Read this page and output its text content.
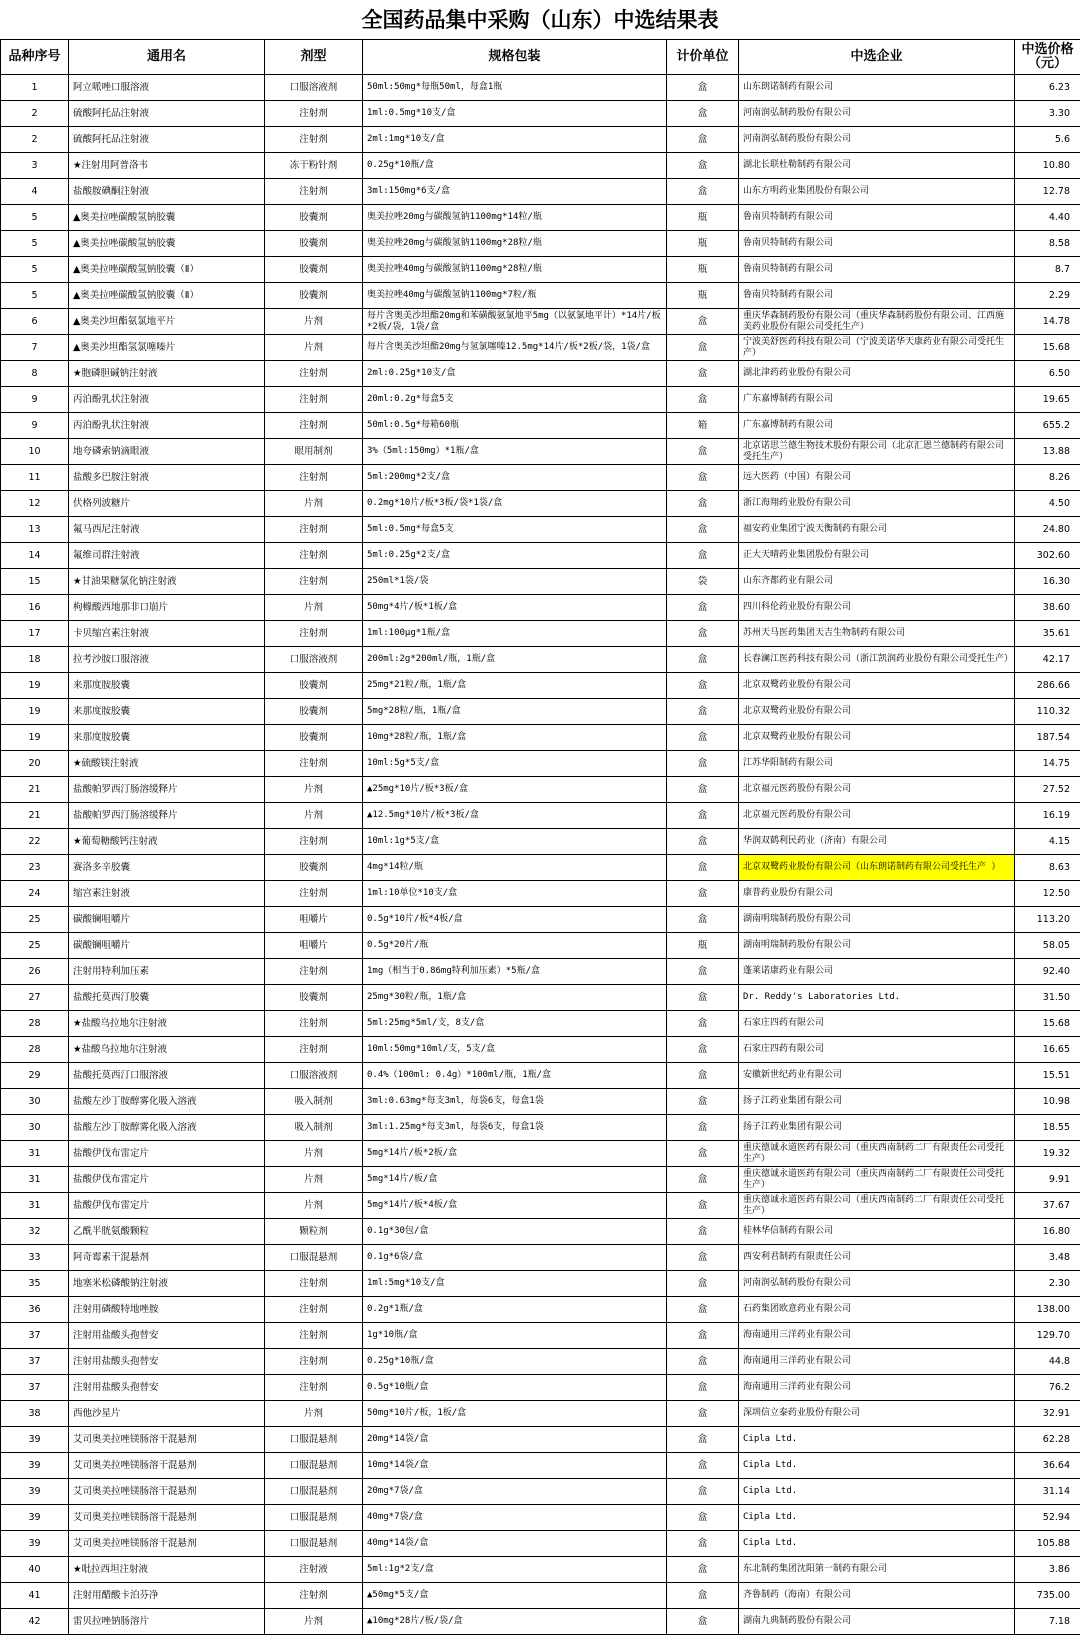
全国药品集中采购（山东）中选结果表
品种序号	通用名	剂型	规格包装	计价单位	中选企业	中选价格
（元）
1	阿立哌唑口服溶液	口服溶液剂	50ml:50mg*每瓶50ml，每盒1瓶	盒	山东朗诺制药有限公司	6.23
2	硫酸阿托品注射液	注射剂	1ml:0.5mg*10支/盒	盒	河南润弘制药股份有限公司	3.30
2	硫酸阿托品注射液	注射剂	2ml:1mg*10支/盒	盒	河南润弘制药股份有限公司	5.6
3	★注射用阿普洛韦	冻干粉针剂	0.25g*10瓶/盒	盒	湖北长联杜勒制药有限公司	10.80
4	盐酸胺碘酮注射液	注射剂	3ml:150mg*6支/盒	盒	山东方明药业集团股份有限公司	12.78
5	▲奥美拉唑碳酸氢钠胶囊	胶囊剂	奥美拉唑20mg与碳酸氢钠1100mg*14粒/瓶	瓶	鲁南贝特制药有限公司	4.40
5	▲奥美拉唑碳酸氢钠胶囊	胶囊剂	奥美拉唑20mg与碳酸氢钠1100mg*28粒/瓶	瓶	鲁南贝特制药有限公司	8.58
5	▲奥美拉唑碳酸氢钠胶囊（Ⅱ）	胶囊剂	奥美拉唑40mg与碳酸氢钠1100mg*28粒/瓶	瓶	鲁南贝特制药有限公司	8.7
5	▲奥美拉唑碳酸氢钠胶囊（Ⅱ）	胶囊剂	奥美拉唑40mg与碳酸氢钠1100mg*7粒/瓶	瓶	鲁南贝特制药有限公司	2.29
6	▲奥美沙坦酯氨氯地平片	片剂	每片含奥美沙坦酯20mg和苯磺酸氨氯地平5mg（以氨氯地平计）*14片/板*2板/袋，1袋/盒	盒	重庆华森制药股份有限公司（重庆华森制药股份有限公司、江西施美药业股份有限公司受托生产）	14.78
7	▲奥美沙坦酯氢氯噻嗪片	片剂	每片含奥美沙坦酯20mg与氢氯噻嗪12.5mg*14片/板*2板/袋，1袋/盒	盒	宁波美舒医药科技有限公司（宁波美诺华天康药业有限公司受托生产）	15.68
8	★胞磷胆碱钠注射液	注射剂	2ml:0.25g*10支/盒	盒	湖北津药药业股份有限公司	6.50
9	丙泊酚乳状注射液	注射剂	20ml:0.2g*每盒5支	盒	广东嘉博制药有限公司	19.65
9	丙泊酚乳状注射液	注射剂	50ml:0.5g*每箱60瓶	箱	广东嘉博制药有限公司	655.2
10	地夸磷索钠滴眼液	眼用制剂	3%（5ml:150mg）*1瓶/盒	盒	北京诺思兰德生物技术股份有限公司（北京汇恩兰德制药有限公司受托生产）	13.88
11	盐酸多巴胺注射液	注射剂	5ml:200mg*2支/盒	盒	远大医药（中国）有限公司	8.26
12	伏格列波糖片	片剂	0.2mg*10片/板*3板/袋*1袋/盒	盒	浙江海翔药业股份有限公司	4.50
13	氟马西尼注射液	注射剂	5ml:0.5mg*每盒5支	盒	福安药业集团宁波天衡制药有限公司	24.80
14	氟维司群注射液	注射剂	5ml:0.25g*2支/盒	盒	正大天晴药业集团股份有限公司	302.60
15	★甘油果糖氯化钠注射液	注射剂	250ml*1袋/袋	袋	山东齐都药业有限公司	16.30
16	枸橼酸西地那非口崩片	片剂	50mg*4片/板*1板/盒	盒	四川科伦药业股份有限公司	38.60
17	卡贝缩宫素注射液	注射剂	1ml:100μg*1瓶/盒	盒	苏州天马医药集团天吉生物制药有限公司	35.61
18	拉考沙胺口服溶液	口服溶液剂	200ml:2g*200ml/瓶，1瓶/盒	盒	长春澜江医药科技有限公司（浙江凯润药业股份有限公司受托生产）	42.17
19	来那度胺胶囊	胶囊剂	25mg*21粒/瓶，1瓶/盒	盒	北京双鹭药业股份有限公司	286.66
19	来那度胺胶囊	胶囊剂	5mg*28粒/瓶，1瓶/盒	盒	北京双鹭药业股份有限公司	110.32
19	来那度胺胶囊	胶囊剂	10mg*28粒/瓶，1瓶/盒	盒	北京双鹭药业股份有限公司	187.54
20	★硫酸镁注射液	注射剂	10ml:5g*5支/盒	盒	江苏华阳制药有限公司	14.75
21	盐酸帕罗西汀肠溶缓释片	片剂	▲25mg*10片/板*3板/盒	盒	北京福元医药股份有限公司	27.52
21	盐酸帕罗西汀肠溶缓释片	片剂	▲12.5mg*10片/板*3板/盒	盒	北京福元医药股份有限公司	16.19
22	★葡萄糖酸钙注射液	注射剂	10ml:1g*5支/盒	盒	华润双鹤利民药业（济南）有限公司	4.15
23	赛洛多辛胶囊	胶囊剂	4mg*14粒/瓶	盒	北京双鹭药业股份有限公司（山东朗诺制药有限公司受托生产 ）	8.63
24	缩宫素注射液	注射剂	1ml:10单位*10支/盒	盒	康普药业股份有限公司	12.50
25	碳酸镧咀嚼片	咀嚼片	0.5g*10片/板*4板/盒	盒	湖南明瑞制药股份有限公司	113.20
25	碳酸镧咀嚼片	咀嚼片	0.5g*20片/瓶	瓶	湖南明瑞制药股份有限公司	58.05
26	注射用特利加压素	注射剂	1mg（相当于0.86mg特利加压素）*5瓶/盒	盒	蓬莱诺康药业有限公司	92.40
27	盐酸托莫西汀胶囊	胶囊剂	25mg*30粒/瓶，1瓶/盒	盒	Dr. Reddy's Laboratories Ltd.	31.50
28	★盐酸乌拉地尔注射液	注射剂	5ml:25mg*5ml/支，8支/盒	盒	石家庄四药有限公司	15.68
28	★盐酸乌拉地尔注射液	注射剂	10ml:50mg*10ml/支，5支/盒	盒	石家庄四药有限公司	16.65
29	盐酸托莫西汀口服溶液	口服溶液剂	0.4%（100ml: 0.4g）*100ml/瓶，1瓶/盒	盒	安徽新世纪药业有限公司	15.51
30	盐酸左沙丁胺醇雾化吸入溶液	吸入制剂	3ml:0.63mg*每支3ml，每袋6支，每盒1袋	盒	扬子江药业集团有限公司	10.98
30	盐酸左沙丁胺醇雾化吸入溶液	吸入制剂	3ml:1.25mg*每支3ml，每袋6支，每盒1袋	盒	扬子江药业集团有限公司	18.55
31	盐酸伊伐布雷定片	片剂	5mg*14片/板*2板/盒	盒	重庆德诚永道医药有限公司（重庆西南制药二厂有限责任公司受托生产）	19.32
31	盐酸伊伐布雷定片	片剂	5mg*14片/板/盒	盒	重庆德诚永道医药有限公司（重庆西南制药二厂有限责任公司受托生产）	9.91
31	盐酸伊伐布雷定片	片剂	5mg*14片/板*4板/盒	盒	重庆德诚永道医药有限公司（重庆西南制药二厂有限责任公司受托生产）	37.67
32	乙酰半胱氨酸颗粒	颗粒剂	0.1g*30包/盒	盒	桂林华信制药有限公司	16.80
33	阿奇霉素干混悬剂	口服混悬剂	0.1g*6袋/盒	盒	西安利君制药有限责任公司	3.48
35	地塞米松磷酸钠注射液	注射剂	1ml:5mg*10支/盒	盒	河南润弘制药股份有限公司	2.30
36	注射用磷酸特地唑胺	注射剂	0.2g*1瓶/盒	盒	石药集团欧意药业有限公司	138.00
37	注射用盐酸头孢替安	注射剂	1g*10瓶/盒	盒	海南通用三洋药业有限公司	129.70
37	注射用盐酸头孢替安	注射剂	0.25g*10瓶/盒	盒	海南通用三洋药业有限公司	44.8
37	注射用盐酸头孢替安	注射剂	0.5g*10瓶/盒	盒	海南通用三洋药业有限公司	76.2
38	西他沙星片	片剂	50mg*10片/板，1板/盒	盒	深圳信立泰药业股份有限公司	32.91
39	艾司奥美拉唑镁肠溶干混悬剂	口服混悬剂	20mg*14袋/盒	盒	Cipla Ltd.	62.28
39	艾司奥美拉唑镁肠溶干混悬剂	口服混悬剂	10mg*14袋/盒	盒	Cipla Ltd.	36.64
39	艾司奥美拉唑镁肠溶干混悬剂	口服混悬剂	20mg*7袋/盒	盒	Cipla Ltd.	31.14
39	艾司奥美拉唑镁肠溶干混悬剂	口服混悬剂	40mg*7袋/盒	盒	Cipla Ltd.	52.94
39	艾司奥美拉唑镁肠溶干混悬剂	口服混悬剂	40mg*14袋/盒	盒	Cipla Ltd.	105.88
40	★吡拉西坦注射液	注射液	5ml:1g*2支/盒	盒	东北制药集团沈阳第一制药有限公司	3.86
41	注射用醋酸卡泊芬净	注射剂	▲50mg*5支/盒	盒	齐鲁制药（海南）有限公司	735.00
42	雷贝拉唑钠肠溶片	片剂	▲10mg*28片/板/袋/盒	盒	湖南九典制药股份有限公司	7.18
